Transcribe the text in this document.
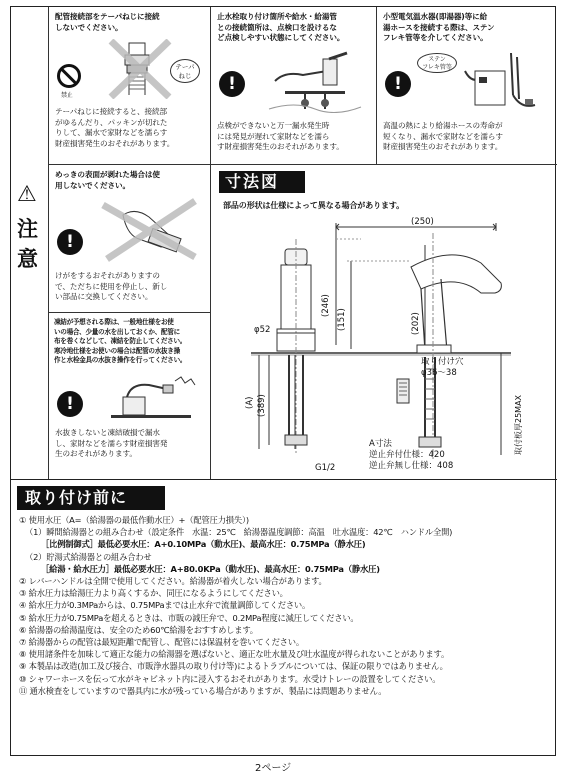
⚠
注
意
配管接続部をテーパねじに接続
しないでください。
禁止
テーパ
ねじ
テーパねじに接続すると、接続部
がゆるんだり、パッキンが切れた
りして、漏水で家財などを濡らす
財産損害発生のおそれがあります。
止水栓取り付け箇所や給水・給湯管
との接続箇所は、点検口を設けるな
ど点検しやすい状態にしてください。
!
点検ができないと万一漏水発生時
には発見が遅れて家財などを濡ら
す財産損害発生のおそれがあります。
小型電気温水器(即湯器)等に給
湯ホースを接続する際は、ステン
フレキ管等を介してください。
!
ステン
フレキ管等
高温の熱により給湯ホースの寿命が
短くなり、漏水で家財などを濡らす
財産損害発生のおそれがあります。
めっきの表面が剥れた場合は使
用しないでください。
!
けがをするおそれがありますの
で、ただちに使用を停止し、新し
い部品に交換してください。
凍結が予想される際は、一般地仕様をお使
いの場合、少量の水を出しておくか、配管に
布を巻くなどして、凍結を防止してください。
寒冷地仕様をお使いの場合は配管の水抜き操
作と水栓金具の水抜き操作を行ってください。
!
水抜きしないと凍結破損で漏水
し、家財などを濡らす財産損害発
生のおそれがあります。
寸法図
部品の形状は仕様によって異なる場合があります。
(250)
(246)
(151)	(202)
φ52
取り付け穴
φ36～38
(A) (389)	取付板厚25MAX
G1/2
A寸法
逆止弁付仕様：420
逆止弁無し仕様：408
取り付け前に
① 使用水圧（A=（給湯器の最低作動水圧）+（配管圧力損失）)
（1）瞬間給湯器との組み合わせ（設定条件　水温：25℃　給湯器温度調節：高温　吐水温度：42℃　ハンドル全開)
［比例制御式］最低必要水圧：A+0.10MPa（動水圧)、最高水圧：0.75MPa（静水圧)
（2）貯湯式給湯器との組み合わせ
［給湯・給水圧力］最低必要水圧：A+80.0KPa（動水圧)、最高水圧：0.75MPa（静水圧)
② レバーハンドルは全開で使用してください。給湯器が着火しない場合があります。
③ 給水圧力は給湯圧力より高くするか、同圧になるようにしてください。
④ 給水圧力が0.3MPaからは、0.75MPaまでは止水弁で流量調節してください。
⑤ 給水圧力が0.75MPaを超えるときは、市販の減圧弁で、0.2MPa程度に減圧してください。
⑥ 給湯器の給湯温度は、安全のため60℃給湯をおすすめします。
⑦ 給湯器からの配管は最短距離で配管し、配管には保温材を巻いてください。
⑧ 使用諸条件を加味して適正な能力の給湯器を選ばないと、適正な吐水量及び吐水温度が得られないことがあります。
⑨ 本製品は改造(加工及び接合、市販浄水器具の取り付け等)によるトラブルについては、保証の限りではありません。
⑩ シャワーホースを伝って水がキャビネット内に浸入するおそれがあります。水受けトレーの設置をしてください。
⑪ 通水検査をしていますので器具内に水が残っている場合がありますが、製品には問題ありません。
2ページ
